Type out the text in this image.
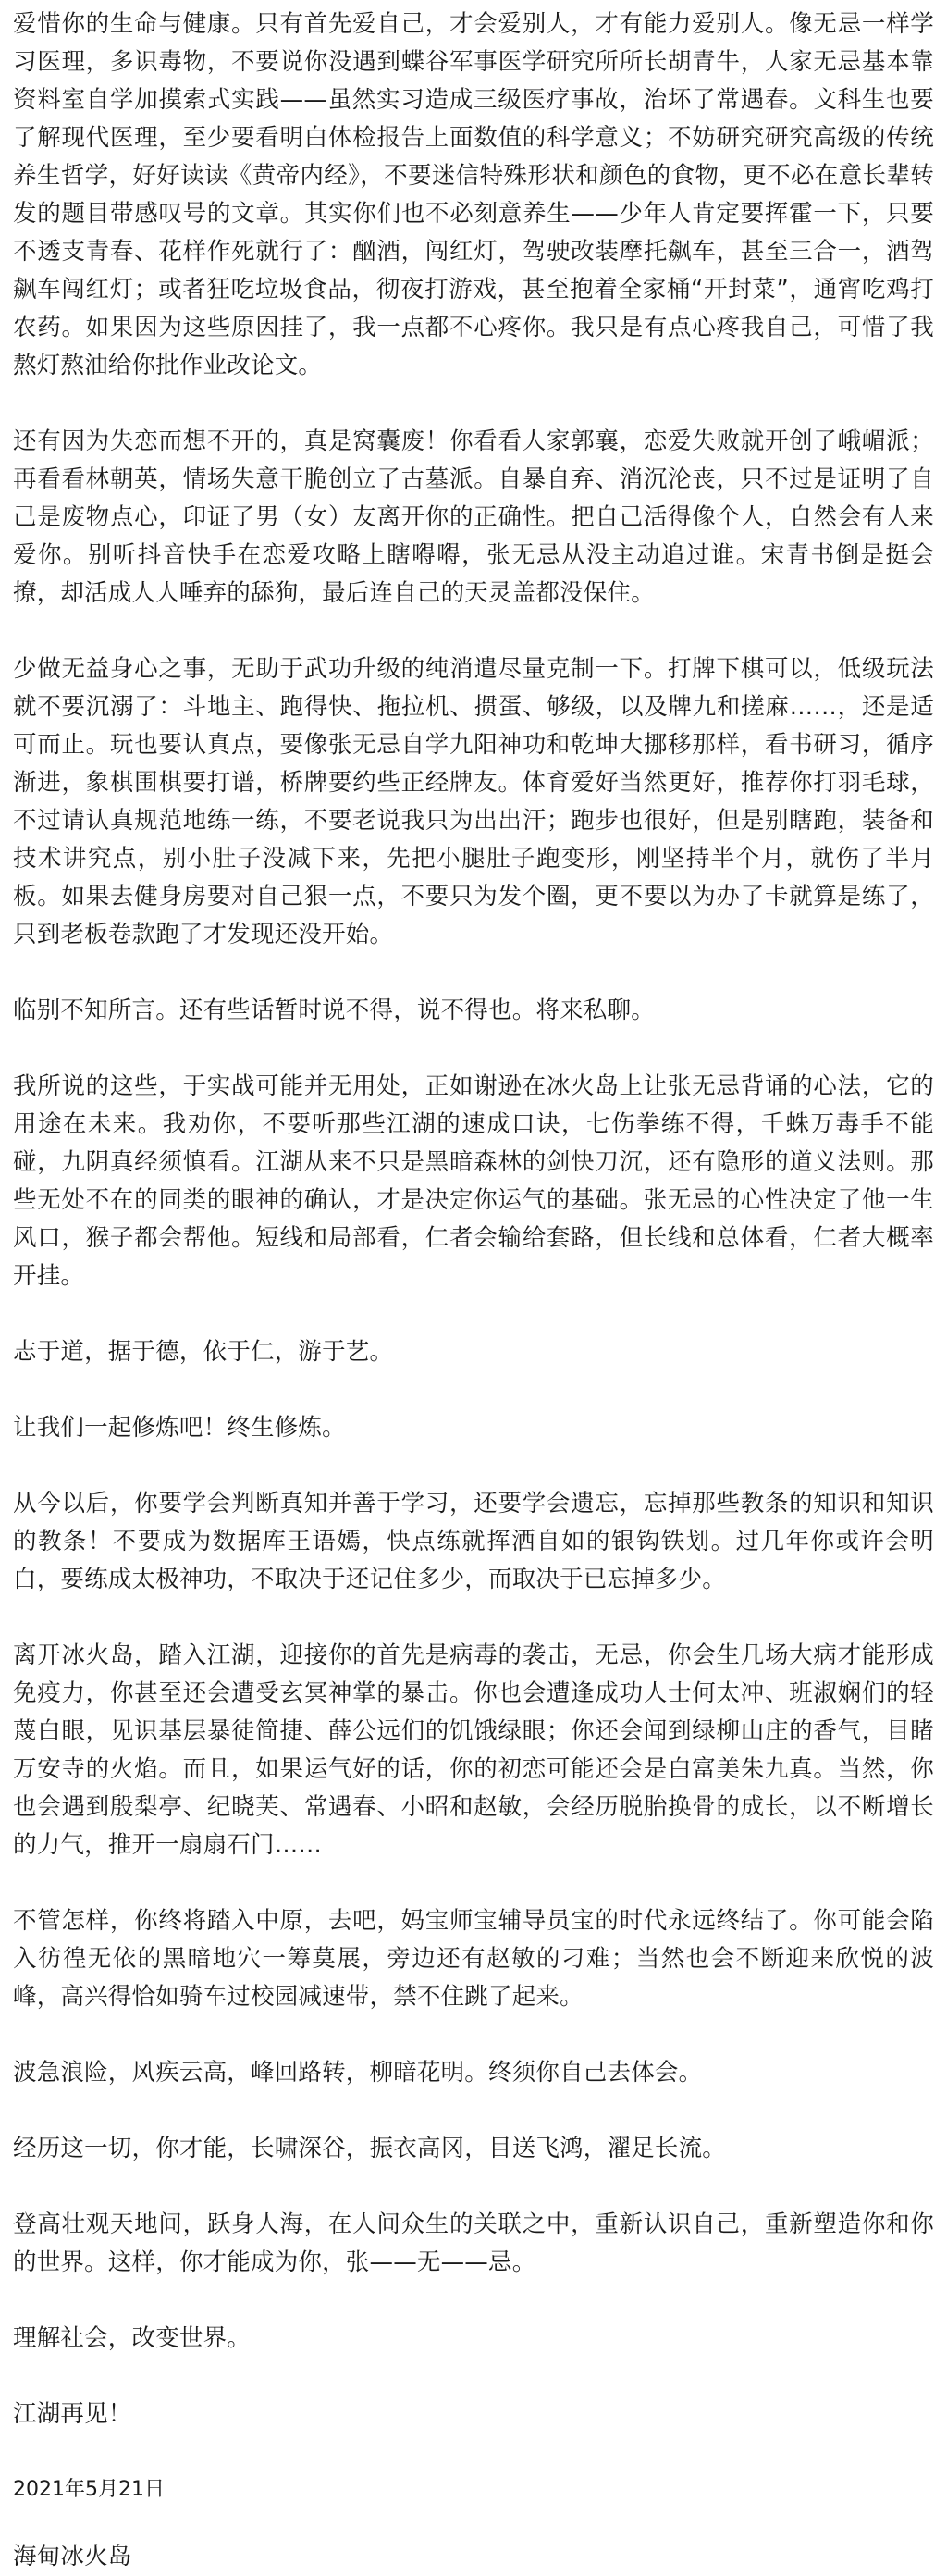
爱惜你的生命与健康。只有首先爱自己，才会爱别人，才有能力爱别人。像无忌一样学习医理，多识毒物，不要说你没遇到蝶谷军事医学研究所所长胡青牛，人家无忌基本靠资料室自学加摸索式实践——虽然实习造成三级医疗事故，治坏了常遇春。文科生也要了解现代医理，至少要看明白体检报告上面数值的科学意义；不妨研究研究高级的传统养生哲学，好好读读《黄帝内经》，不要迷信特殊形状和颜色的食物，更不必在意长辈转发的题目带感叹号的文章。其实你们也不必刻意养生——少年人肯定要挥霍一下，只要不透支青春、花样作死就行了：酗酒，闯红灯，驾驶改装摩托飙车，甚至三合一，酒驾飙车闯红灯；或者狂吃垃圾食品，彻夜打游戏，甚至抱着全家桶“开封菜”，通宵吃鸡打农药。如果因为这些原因挂了，我一点都不心疼你。我只是有点心疼我自己，可惜了我熬灯熬油给你批作业改论文。

还有因为失恋而想不开的，真是窝囊废！你看看人家郭襄，恋爱失败就开创了峨嵋派；再看看林朝英，情场失意干脆创立了古墓派。自暴自弃、消沉沦丧，只不过是证明了自己是废物点心，印证了男（女）友离开你的正确性。把自己活得像个人，自然会有人来爱你。别听抖音快手在恋爱攻略上瞎嘚嘚，张无忌从没主动追过谁。宋青书倒是挺会撩，却活成人人唾弃的舔狗，最后连自己的天灵盖都没保住。

少做无益身心之事，无助于武功升级的纯消遣尽量克制一下。打牌下棋可以，低级玩法就不要沉溺了：斗地主、跑得快、拖拉机、掼蛋、够级，以及牌九和搓麻……，还是适可而止。玩也要认真点，要像张无忌自学九阳神功和乾坤大挪移那样，看书研习，循序渐进，象棋围棋要打谱，桥牌要约些正经牌友。体育爱好当然更好，推荐你打羽毛球，不过请认真规范地练一练，不要老说我只为出出汗；跑步也很好，但是别瞎跑，装备和技术讲究点，别小肚子没减下来，先把小腿肚子跑变形，刚坚持半个月，就伤了半月板。如果去健身房要对自己狠一点，不要只为发个圈，更不要以为办了卡就算是练了，只到老板卷款跑了才发现还没开始。

临别不知所言。还有些话暂时说不得，说不得也。将来私聊。

我所说的这些，于实战可能并无用处，正如谢逊在冰火岛上让张无忌背诵的心法，它的用途在未来。我劝你，不要听那些江湖的速成口诀，七伤拳练不得，千蛛万毒手不能碰，九阴真经须慎看。江湖从来不只是黑暗森林的剑快刀沉，还有隐形的道义法则。那些无处不在的同类的眼神的确认，才是决定你运气的基础。张无忌的心性决定了他一生风口，猴子都会帮他。短线和局部看，仁者会输给套路，但长线和总体看，仁者大概率开挂。

志于道，据于德，依于仁，游于艺。

让我们一起修炼吧！终生修炼。

从今以后，你要学会判断真知并善于学习，还要学会遗忘，忘掉那些教条的知识和知识的教条！不要成为数据库王语嫣，快点练就挥洒自如的银钩铁划。过几年你或许会明白，要练成太极神功，不取决于还记住多少，而取决于已忘掉多少。

离开冰火岛，踏入江湖，迎接你的首先是病毒的袭击，无忌，你会生几场大病才能形成免疫力，你甚至还会遭受玄冥神掌的暴击。你也会遭逢成功人士何太冲、班淑娴们的轻蔑白眼，见识基层暴徒简捷、薛公远们的饥饿绿眼；你还会闻到绿柳山庄的香气，目睹万安寺的火焰。而且，如果运气好的话，你的初恋可能还会是白富美朱九真。当然，你也会遇到殷梨亭、纪晓芙、常遇春、小昭和赵敏，会经历脱胎换骨的成长，以不断增长的力气，推开一扇扇石门……

不管怎样，你终将踏入中原，去吧，妈宝师宝辅导员宝的时代永远终结了。你可能会陷入彷徨无依的黑暗地穴一筹莫展，旁边还有赵敏的刁难；当然也会不断迎来欣悦的波峰，高兴得恰如骑车过校园减速带，禁不住跳了起来。

波急浪险，风疾云高，峰回路转，柳暗花明。终须你自己去体会。

经历这一切，你才能，长啸深谷，振衣高冈，目送飞鸿，濯足长流。

登高壮观天地间，跃身人海，在人间众生的关联之中，重新认识自己，重新塑造你和你的世界。这样，你才能成为你，张——无——忌。

理解社会，改变世界。

江湖再见！

2021年5月21日

海甸冰火岛
